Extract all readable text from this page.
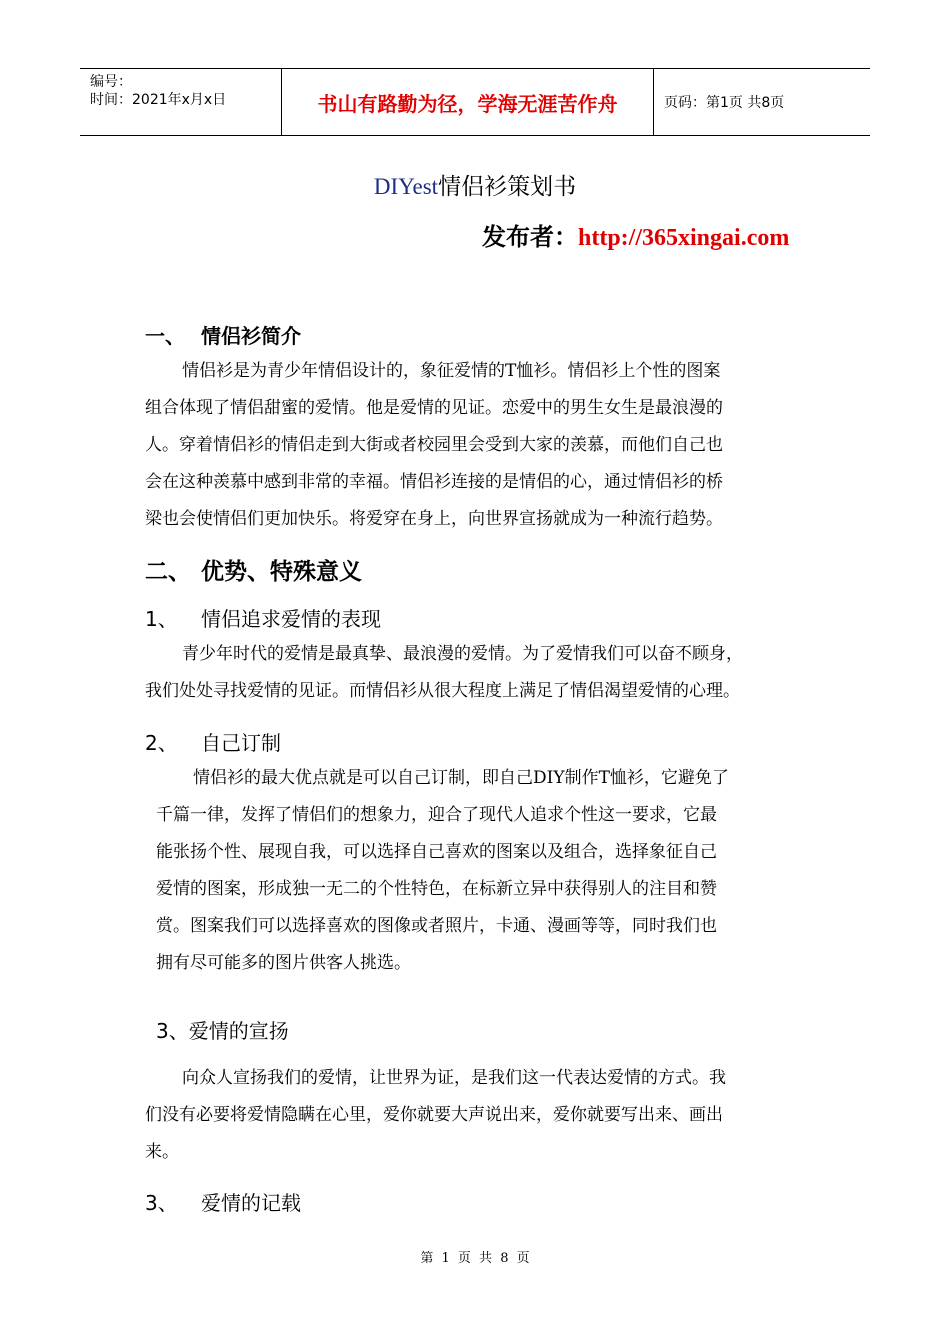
编号：
时间：2021年x月x日	书山有路勤为径，学海无涯苦作舟	页码：第1页 共8页
DIYest情侣衫策划书
发布者：http://365xingai.com
一、 情侣衫简介
情侣衫是为青少年情侣设计的，象征爱情的T恤衫。情侣衫上个性的图案
组合体现了情侣甜蜜的爱情。他是爱情的见证。恋爱中的男生女生是最浪漫的
人。穿着情侣衫的情侣走到大街或者校园里会受到大家的羡慕，而他们自己也
会在这种羡慕中感到非常的幸福。情侣衫连接的是情侣的心，通过情侣衫的桥
梁也会使情侣们更加快乐。将爱穿在身上，向世界宣扬就成为一种流行趋势。
二、 优势、特殊意义
1、 情侣追求爱情的表现
青少年时代的爱情是最真挚、最浪漫的爱情。为了爱情我们可以奋不顾身，
我们处处寻找爱情的见证。而情侣衫从很大程度上满足了情侣渴望爱情的心理。
2、 自己订制
情侣衫的最大优点就是可以自己订制，即自己DIY制作T恤衫，它避免了
千篇一律，发挥了情侣们的想象力，迎合了现代人追求个性这一要求，它最
能张扬个性、展现自我，可以选择自己喜欢的图案以及组合，选择象征自己
爱情的图案，形成独一无二的个性特色，在标新立异中获得别人的注目和赞
赏。图案我们可以选择喜欢的图像或者照片，卡通、漫画等等，同时我们也
拥有尽可能多的图片供客人挑选。
3、爱情的宣扬
向众人宣扬我们的爱情，让世界为证，是我们这一代表达爱情的方式。我
们没有必要将爱情隐瞒在心里，爱你就要大声说出来，爱你就要写出来、画出
来。
3、 爱情的记载
第 1 页 共 8 页
